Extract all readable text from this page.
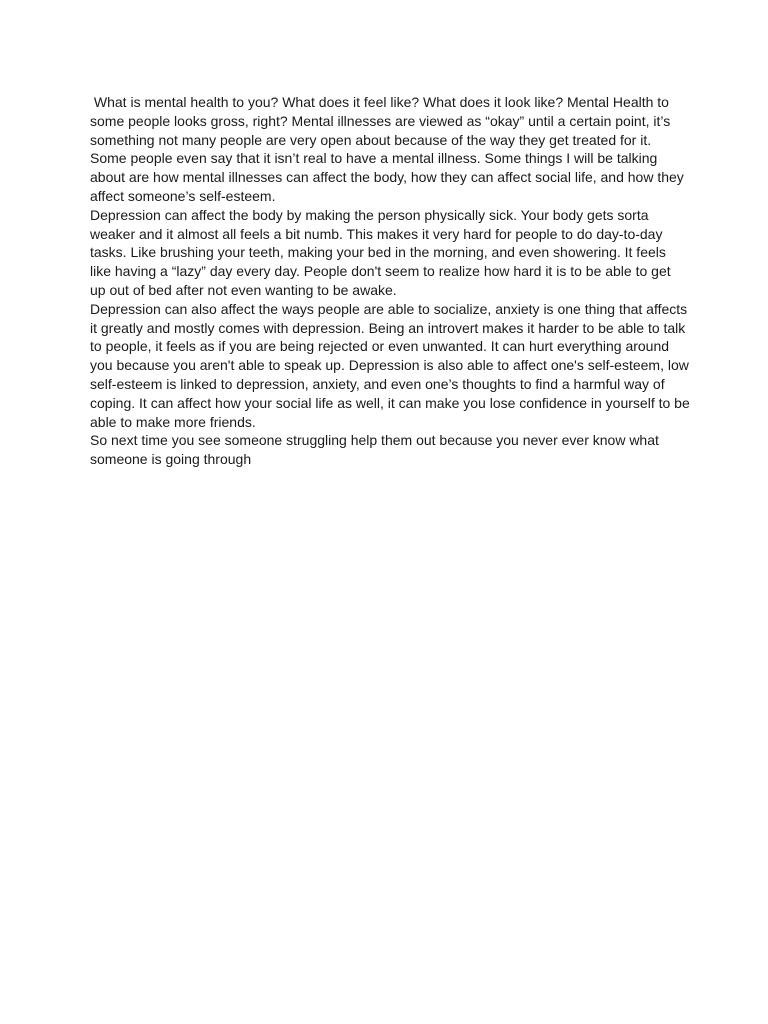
What is mental health to you? What does it feel like? What does it look like? Mental Health to some people looks gross, right? Mental illnesses are viewed as “okay” until a certain point, it’s something not many people are very open about because of the way they get treated for it. Some people even say that it isn’t real to have a mental illness. Some things I will be talking about are how mental illnesses can affect the body, how they can affect social life, and how they affect someone’s self-esteem.

Depression can affect the body by making the person physically sick. Your body gets sorta weaker and it almost all feels a bit numb. This makes it very hard for people to do day-to-day tasks. Like brushing your teeth, making your bed in the morning, and even showering. It feels like having a “lazy” day every day. People don't seem to realize how hard it is to be able to get up out of bed after not even wanting to be awake.

Depression can also affect the ways people are able to socialize, anxiety is one thing that affects it greatly and mostly comes with depression. Being an introvert makes it harder to be able to talk to people, it feels as if you are being rejected or even unwanted. It can hurt everything around you because you aren't able to speak up. Depression is also able to affect one's self-esteem, low self-esteem is linked to depression, anxiety, and even one’s thoughts to find a harmful way of coping. It can affect how your social life as well, it can make you lose confidence in yourself to be able to make more friends.

So next time you see someone struggling help them out because you never ever know what someone is going through
